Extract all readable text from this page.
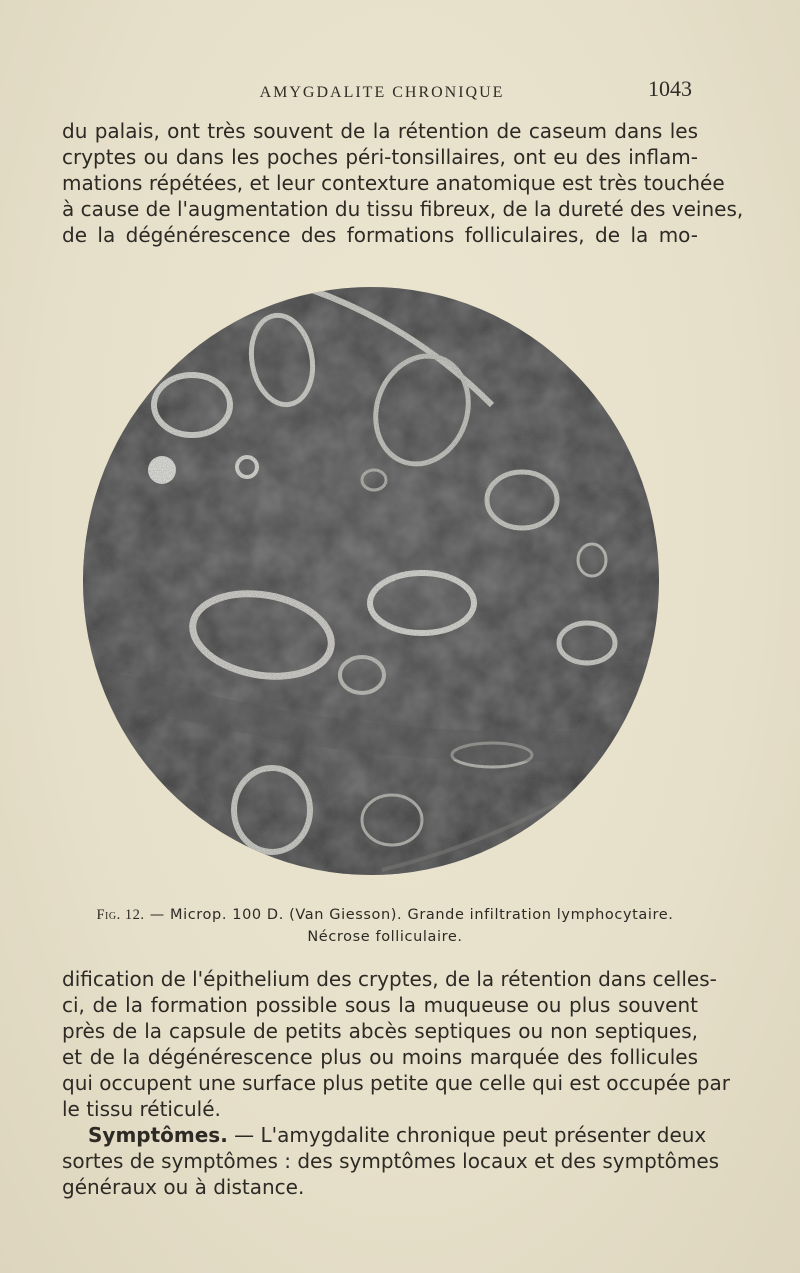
AMYGDALITE CHRONIQUE	1043
du palais, ont très souvent de la rétention de caseum dans les
cryptes ou dans les poches péri-tonsillaires, ont eu des inflam-
mations répétées, et leur contexture anatomique est très touchée
à cause de l'augmentation du tissu fibreux, de la dureté des veines,
de la dégénérescence des formations folliculaires, de la mo-
Fig. 12. — Microp. 100 D. (Van Giesson). Grande infiltration lymphocytaire.
Nécrose folliculaire.
dification de l'épithelium des cryptes, de la rétention dans celles-
ci, de la formation possible sous la muqueuse ou plus souvent
près de la capsule de petits abcès septiques ou non septiques,
et de la dégénérescence plus ou moins marquée des follicules
qui occupent une surface plus petite que celle qui est occupée par
le tissu réticulé.
Symptômes. — L'amygdalite chronique peut présenter deux
sortes de symptômes : des symptômes locaux et des symptômes
généraux ou à distance.
